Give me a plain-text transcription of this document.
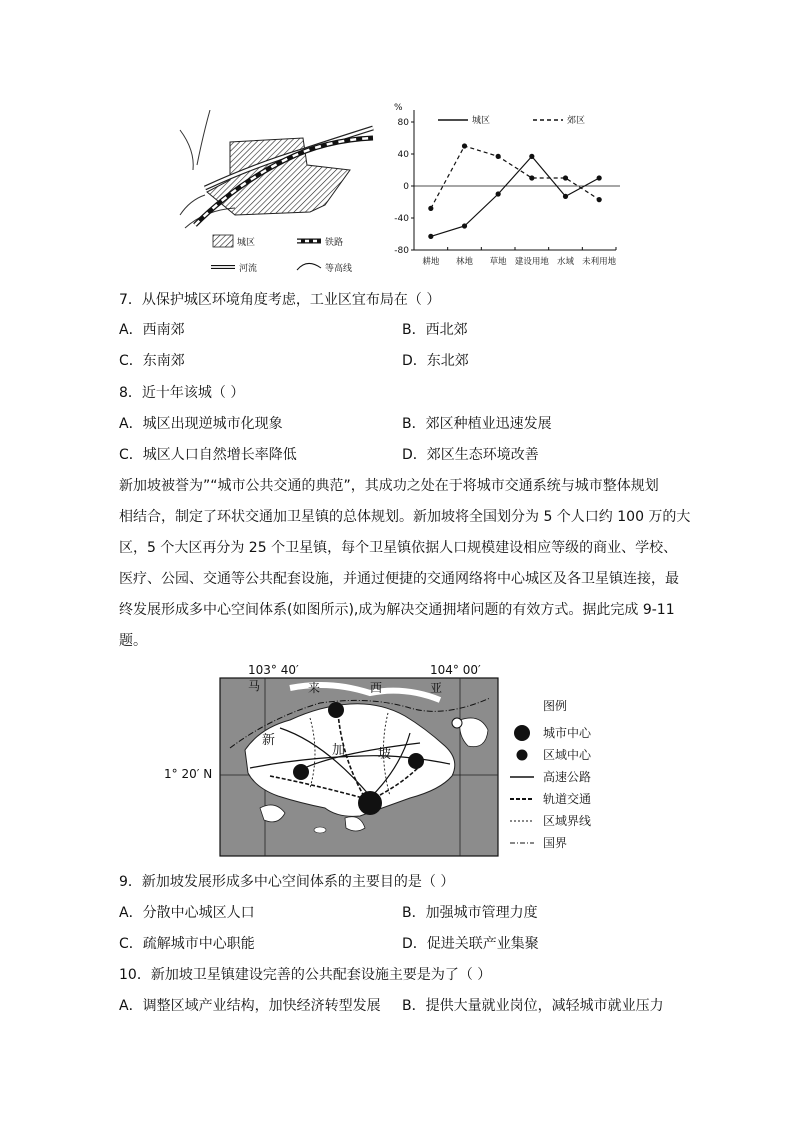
城区	铁路
河流	等高线
%
80
40
0
-40
-80
耕地 林地 草地 建设用地 水域 未利用地
城区	郊区
7．从保护城区环境角度考虑，工业区宜布局在（ ）
A．西南郊	B．西北郊
C．东南郊	D．东北郊
8．近十年该城（ ）
A．城区出现逆城市化现象	B．郊区种植业迅速发展
C．城区人口自然增长率降低	D．郊区生态环境改善
新加坡被誉为”“城市公共交通的典范”，其成功之处在于将城市交通系统与城市整体规划
相结合，制定了环状交通加卫星镇的总体规划。新加坡将全国划分为 5 个人口约 100 万的大
区，5 个大区再分为 25 个卫星镇，每个卫星镇依据人口规模建设相应等级的商业、学校、
医疗、公园、交通等公共配套设施，并通过便捷的交通网络将中心城区及各卫星镇连接，最
终发展形成多中心空间体系(如图所示),成为解决交通拥堵问题的有效方式。据此完成 9-11
题。
103° 40′	104° 00′
1° 20′ N
马	来	西	亚
新
加	坡
图例
城市中心
区域中心
高速公路
轨道交通
区域界线
国界
9．新加坡发展形成多中心空间体系的主要目的是（ ）
A．分散中心城区人口	B．加强城市管理力度
C．疏解城市中心职能	D．促进关联产业集聚
10．新加坡卫星镇建设完善的公共配套设施主要是为了（ ）
A．调整区域产业结构，加快经济转型发展 B．提供大量就业岗位，减轻城市就业压力
